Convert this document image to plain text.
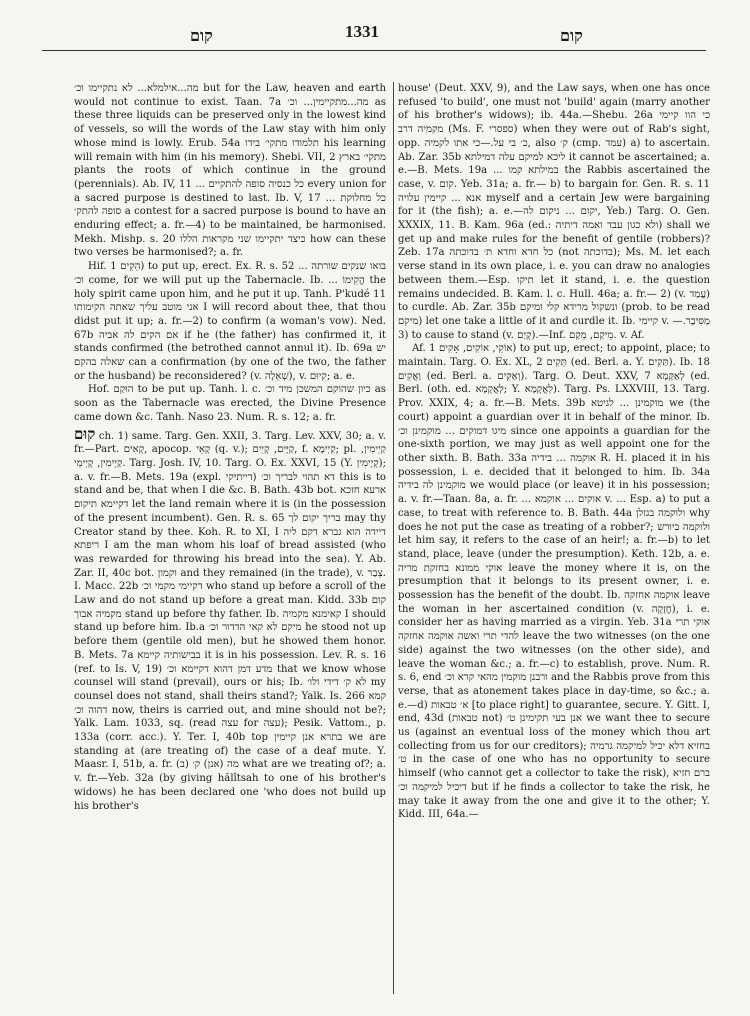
קום	1331	קום

מה...אילמלא... לא נתקיימו וכ׳ but for the Law, heaven and earth would not continue to exist. Taan. 7a מה...מתקיימין... וכ׳ as these three liquids can be preserved only in the lowest kind of vessels, so will the words of the Law stay with him only whose mind is lowly. Erub. 54a תלמודו מתקי׳ בידו his learning will remain with him (in his memory). Shebi. VII, 2 מתקי׳ בארץ plants the roots of which continue in the ground (perennials). Ab. IV, 11 ... כל כנסיה סופה להתקיים every union for a sacred purpose is destined to last. Ib. V, 17 כל מחלוקת ... סופה להתק׳ a contest for a sacred purpose is bound to have an enduring effect; a. fr.—4) to be maintained, be harmonised. Mekh. Mishp. s. 20 כיצד יתקיימו שני מקראות הללו how can these two verses be harmonised?; a. fr.

Hif. הֵקִים 1) to put up, erect. Ex. R. s. 52 בואו שנקים שורתה ... וכ׳ come, for we will put up the Tabernacle. Ib. ... הֱקִימוֹ the holy spirit came upon him, and he put it up. Tanh. P'kudé 11 אני מוטב עליך שאתה הקימותו I will record about thee, that thou didst put it up; a. fr.—2) to confirm (a woman's vow). Ned. 67b אם הקים לה אביה if he (the father) has confirmed it, it stands confirmed (the betrothed cannot annul it). Ib. 69a יש שאלה בהקם can a confirmation (by one of the two, the father or the husband) be reconsidered? (v. שְׁאֵלָה), v. קִיוּם; a. e.

Hof. הוּקַם to be put up. Tanh. l. c. כיון שהוקם המשכן מיד וכ׳ as soon as the Tabernacle was erected, the Divine Presence came down &c. Tanh. Naso 23. Num. R. s. 12; a. fr.

קוּם ch. 1) same. Targ. Gen. XXII, 3. Targ. Lev. XXV, 30; a. v. fr.—Part. קָאִים, apocop. קָאֵי (q. v.); קַיָּים, קָיֵים, f. קַיְימָא; pl. קַיְימִין, קַיְימִין, קָיְימֵי. Targ. Josh. IV, 10. Targ. O. Ex. XXVI, 15 (Y. קְיָימִין); a. v. fr.—B. Mets. 19a (expl. דא תהוי לבריך וכ׳ (דייתיקי this is to stand and be, that when I die &c. B. Bath. 43b bot. ארעא חזכא דקיימא תיקום let the land remain where it is (in the possession of the present incumbent). Gen. R. s. 65 בריך יקום לך may thy Creator stand by thee. Koh. R. to XI, I דיידה הוא גברא דקם ליה ריפתא I am the man whom his loaf of bread assisted (who was rewarded for throwing his bread into the sea). Y. Ab. Zar. II, 40c bot. וקמון and they remained (in the trade), v. צְבַר. I. Macc. 22b דקיימי מקמי וכ׳ who stand up before a scroll of the Law and do not stand up before a great man. Kidd. 33b קום מקמיה אבוך stand up before thy father. Ib. קאימנא מקמיה I should stand up before him. Ib.a מיקם לא קאי הדדור וכ׳ he stood not up before them (gentile old men), but he showed them honor. B. Mets. 7a בבישותיה קיימא it is in his possession. Lev. R. s. 16 (ref. to Is. V, 19) מדע דמן דהוא דקיימא וכ׳ that we know whose counsel will stand (prevail), ours or his; Ib. לא ק׳ דידי ולו׳ my counsel does not stand, shall theirs stand?; Yalk. Is. 266 קמא דהוה וכ׳ now, theirs is carried out, and mine should not be?; Yalk. Lam. 1033, sq. (read עצה for עצה); Pesik. Vattom., p. 133a (corr. acc.). Y. Ter. I, 40b top בתרא אנן קיימין we are standing at (are treating of) the case of a deaf mute. Y. Maasr. I, 51b, a. fr. (ב) מה (אנן) ק׳ what are we treating of?; a. v. fr.—Yeb. 32a (by giving hălîtsah to one of his brother's widows) he has been declared one 'who does not build up his brother's

house' (Deut. XXV, 9), and the Law says, when one has once refused 'to build', one must not 'build' again (marry another of his brother's widows); ib. 44a.—Shebu. 26a כי הוו קיימי מקמיה דרב (Ms. F. ספסרי) when they were out of Rab's sight, opp. כ׳ בי על.—כי אתו לקמיה, also ק׳ (cmp. עמד) a) to ascertain. Ab. Zar. 35b ליכא למיקם עלה דמילתא it cannot be ascertained; a. e.—B. Mets. 19a ... במילתא קמו the Rabbis ascertained the case, v. קום. Yeb. 31a; a. fr.— b) to bargain for. Gen. R. s. 11 אנא ... קיימין עלויה myself and a certain Jew were bargaining for it (the fish); a. e.—יקום ... ניקום לה, Yeb.) Targ. O. Gen. XXXIX, 11. B. Kam. 96a (ed.: ולא כגון עבד ואמה דיתיה) shall we get up and make rules for the benefit of gentile (robbers)? Zeb. 17a כל חדא וחדא ת׳ בדוכתה (not בדוכתה); Ms. M. let each verse stand in its own place, i. e. you can draw no analogies between them.—Esp. תיקו let it stand, i. e. the question remains undecided. B. Kam. l. c. Hull. 46a; a. fr.— 2) (v. עֲמַד) to curdle. Ab. Zar. 35b ונשקול מרידא קלי ומיקם (prob. to be read מיקם) let one take a little of it and curdle it. Ib. קיימי v. מַסִּיבָר.—3) to cause to stand (v. קְיַם).—Inf. מֵיקַם, מֵקַם. v. Af.

Af. אוֹקֵי, אוֹקִים, אָקִים 1) to put up, erect; to appoint, place; to maintain. Targ. O. Ex. XL, 2 תְּקִים (ed. Berl. a. Y. תַּקִים). Ib. 18 וַאֲקִים (ed. Berl. a. וְאַקִּים). Targ. O. Deut. XXV, 7 לְאַקָּמָא (ed. Berl. (oth. ed. לְאֲקָמָא; Y. לְאֲקָמָא). Targ. Ps. LXXVIII, 13. Targ. Prov. XXIX, 4; a. fr.—B. Mets. 39b מוקמינן ... לגיטא we (the court) appoint a guardian over it in behalf of the minor. Ib. מיגו דמוקים ... מוקמינן וכ׳ since one appoints a guardian for the one-sixth portion, we may just as well appoint one for the other sixth. B. Bath. 33a אוקמה ... בידיה R. H. placed it in his possession, i. e. decided that it belonged to him. Ib. 34a מוקמינן לה בידיה we would place (or leave) it in his possession; a. v. fr.—Taan. 8a, a. fr. ... אוקים ... אוקמא v. ... Esp. a) to put a case, to treat with reference to. B. Bath. 44a ולוקמה בגזלן why does he not put the case as treating of a robber?; ולוקמה ביורש let him say, it refers to the case of an heir!; a. fr.—b) to let stand, place, leave (under the presumption). Keth. 12b, a. e. אוקי ממונא בחזקת מריה leave the money where it is, on the presumption that it belongs to its present owner, i. e. possession has the benefit of the doubt. Ib. אוקמה אחזקה leave the woman in her ascertained condition (v. חֲזָקָה), i. e. consider her as having married as a virgin. Yeb. 31a אוקי תרי להדי תרי ואשה אוקמה אחזקה leave the two witnesses (on the one side) against the two witnesses (on the other side), and leave the woman &c.; a. fr.—c) to establish, prove. Num. R. s. 6, end ורבנן מוקמין מהאי קרא וכ׳ and the Rabbis prove from this verse, that as atonement takes place in day-time, so &c.; a. e.—d) א׳ טבאות [to place right] to guarantee, secure. Y. Gitt. I, end, 43d (טבאות not) אנן בעי תקימינן ט׳ we want thee to secure us (against an eventual loss of the money which thou art collecting from us for our creditors); בחזיא דלא יכיל למיקמה גרמיה ט׳ in the case of one who has no opportunity to secure himself (who cannot get a collector to take the risk), ברם חזיא דיכיל למיקמה וכ׳ but if he finds a collector to take the risk, he may take it away from the one and give it to the other; Y. Kidd. III, 64a.—
